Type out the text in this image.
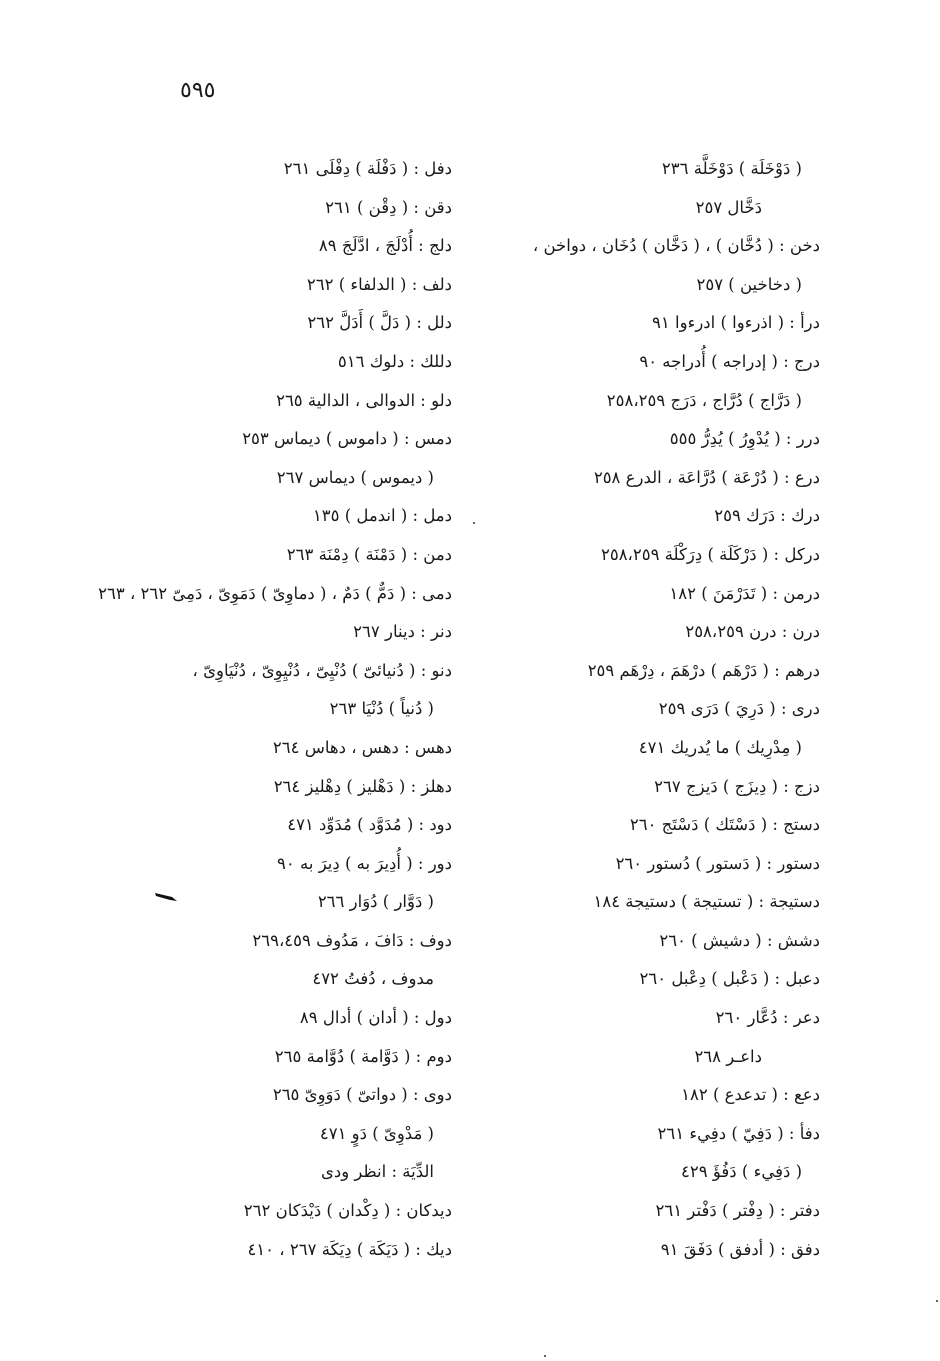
٥٩٥
( دَوْخَلَة ) دَوْخَلَّة ٢٣٦
دَخَّال ٢٥٧
دخن : ( دُخَّان ) ، ( دَخَّان ) دُخَان ، دواخن ،
( دخاخين ) ٢٥٧
درأ : ( اذرءوا ) ادرءوا ٩١
درج : ( إدراجه ) أُدراجه ٩٠
( دَرَّاج ) دُرَّاج ، دَرَج ٢٥٨،٢٥٩
درر : ( يُدْوِرُ ) يُدِرُّ ٥٥٥
درع : ( دُرْعَة ) دُرَّاعَة ، الدرع ٢٥٨
درك : دَرَك ٢٥٩
دركل : ( دَرْكَلَة ) دِرَكْلَة ٢٥٨،٢٥٩
درمن : ( تَدَرْمَنَ ) ١٨٢
درن : درن ٢٥٨،٢٥٩
درهم : ( دَرْهَم ) درْهَمَ ، دِرْهَم ٢٥٩
درى : ( دَرِيَ ) دَرَى ٢٥٩
( مِدْرِيك ) ما يُدريك ٤٧١
دزج : ( دِيزَج ) دَيزج ٢٦٧
دستج : ( دَسْتَك ) دَسْتَج ٢٦٠
دستور : ( دَستور ) دُستور ٢٦٠
دستيجة : ( تستيجة ) دستيجة ١٨٤
دشش : ( دشيش ) ٢٦٠
دعبل : ( دَعْبل ) دِعْبل ٢٦٠
دعر : دُعَّار ٢٦٠
داعـر ٢٦٨
دعع : ( تدعدع ) ١٨٢
دفأ : ( دَفِيّ ) دفِيء ٢٦١
( دَفِيء ) دَفُؤَ ٤٢٩
دفتر : ( دِفْتر ) دَفْتر ٢٦١
دفق : ( أدفق ) دَفَقَ ٩١
دفل : ( دَفْلَة ) دِفْلَى ٢٦١
دقن : ( دِقْن ) ٢٦١
دلج : أُدْلَجَ ، ادَّلَجَ ٨٩
دلف : ( الدلفاء ) ٢٦٢
دلل : ( دَلَّ ) أَدَلَّ ٢٦٢
دللك : دلوك ٥١٦
دلو : الدوالى ، الدالية ٢٦٥
دمس : ( داموس ) ديماس ٢٥٣
( ديموس ) ديماس ٢٦٧
دمل : ( اندمل ) ١٣٥
دمن : ( دَمْنَة ) دِمْنَة ٢٦٣
دمى : ( دَمٌّ ) دَمٌ ، ( دماوِىّ ) دَمَوِىّ ، دَمِىّ ٢٦٢ ، ٢٦٣
دنر : دينار ٢٦٧
دنو : ( دُنيائىّ ) دُنْيِىّ ، دُنْيِوِىّ ، دُنْيَاوِىّ ،
( دُنياً ) دُنْيَا ٢٦٣
دهس : دهس ، دهاس ٢٦٤
دهلز : ( دَهْليز ) دِهْليز ٢٦٤
دود : ( مُدَوَّد ) مُدَوِّد ٤٧١
دور : ( أُدِيرَ به ) دِيرَ به ٩٠
( دَوَّار ) دُوَار ٢٦٦
دوف : دَافَ ، مَدُوف ٢٦٩،٤٥٩
مدوف ، دُفتُ ٤٧٢
دول : ( أدان ) أدال ٨٩
دوم : ( دَوَّامة ) دُوَّامة ٢٦٥
دوى : ( دواتىّ ) دَوَوِىّ ٢٦٥
( مَدْوِىّ ) دَوٍ ٤٧١
الدِّيَة : انظر ودى
ديدكان : ( دِكْدان ) دَيْدَكان ٢٦٢
ديك : ( دَيَكَة ) دِيَكَة ٢٦٧ ، ٤١٠
